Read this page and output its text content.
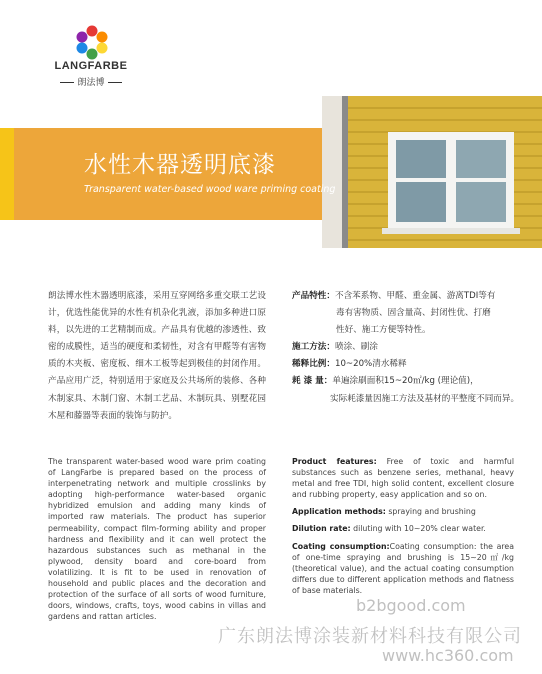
LANGFARBE
朗法博
水性木器透明底漆
Transparent water-based wood ware priming coating
朗法博水性木器透明底漆，采用互穿网络多重交联工艺设计，优选性能优异的水性有机杂化乳液，添加多种进口原料，以先进的工艺精制而成。产品具有优越的渗透性、致密的成膜性，适当的硬度和柔韧性，对含有甲醛等有害物质的木夹板、密度板、细木工板等起到极佳的封闭作用。产品应用广泛，特别适用于家庭及公共场所的装修、各种木制家具、木制门窗、木制工艺品、木制玩具、别墅花园木屋和藤器等表面的装饰与防护。
产品特性：不含苯系物、甲醛、重金属、游离TDI等有
毒有害物质、固含量高、封闭性优、打磨
性好、施工方便等特性。
施工方法：喷涂、刷涂
稀释比例：10~20%清水稀释
耗 漆 量：单遍涂刷面积15~20㎡/kg (理论值)，
实际耗漆量因施工方法及基材的平整度不同而异。
The transparent water-based wood ware prim coating of LangFarbe is prepared based on the process of interpenetrating network and multiple crosslinks by adopting high-performance water-based organic hybridized emulsion and adding many kinds of imported raw materials. The product has superior permeability, compact film-forming ability and proper hardness and flexibility and it can well protect the hazardous substances such as methanal in the plywood, density board and core-board from volatilizing. It is fit to be used in renovation of household and public places and the decoration and protection of the surface of all sorts of wood furniture, doors, windows, crafts, toys, wood cabins in villas and gardens and rattan articles.
Product features: Free of toxic and harmful substances such as benzene series, methanal, heavy metal and free TDI, high solid content, excellent closure and rubbing property, easy application and so on.
Application methods: spraying and brushing
Dilution rate: diluting with 10~20% clear water.
Coating consumption:Coating consumption: the area of one-time spraying and brushing is 15~20㎡/kg (theoretical value), and the actual coating consumption differs due to different application methods and flatness of base materials.
b2bgood.com
广东朗法博涂装新材料科技有限公司
www.hc360.com
